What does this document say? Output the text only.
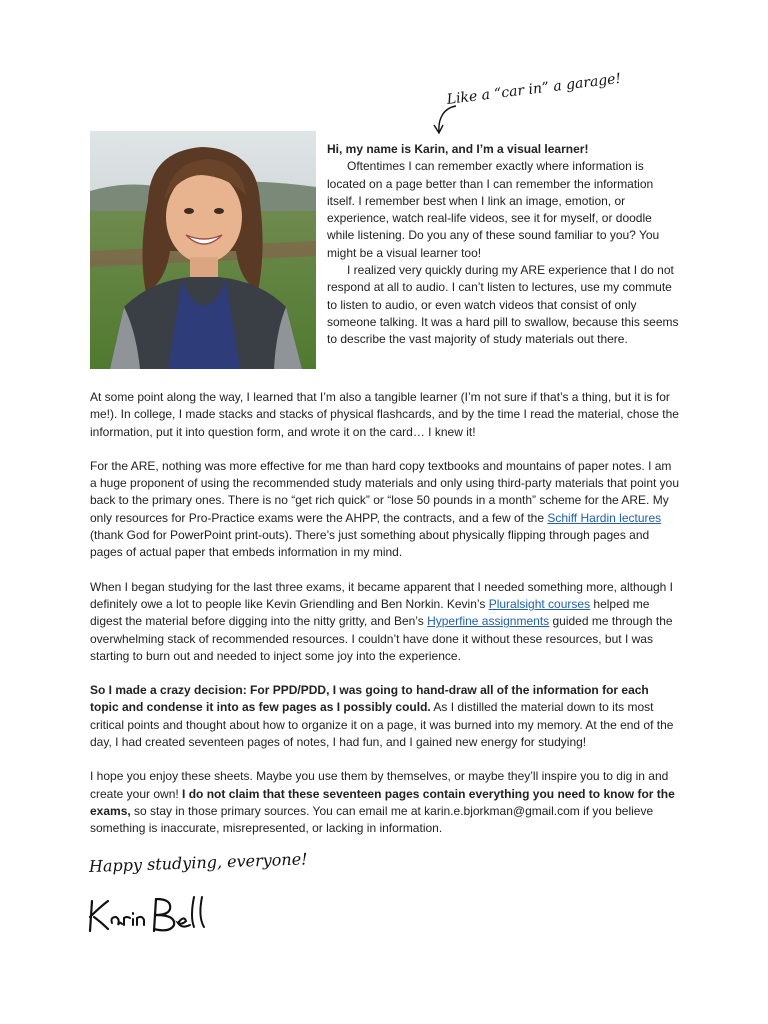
Like a “car in” a garage!

Hi, my name is Karin, and I’m a visual learner!

Oftentimes I can remember exactly where information is located on a page better than I can remember the information itself. I remember best when I link an image, emotion, or experience, watch real-life videos, see it for myself, or doodle while listening. Do you any of these sound familiar to you? You might be a visual learner too!

I realized very quickly during my ARE experience that I do not respond at all to audio. I can’t listen to lectures, use my commute to listen to audio, or even watch videos that consist of only someone talking. It was a hard pill to swallow, because this seems to describe the vast majority of study materials out there.

At some point along the way, I learned that I’m also a tangible learner (I’m not sure if that’s a thing, but it is for me!). In college, I made stacks and stacks of physical flashcards, and by the time I read the material, chose the information, put it into question form, and wrote it on the card… I knew it!

For the ARE, nothing was more effective for me than hard copy textbooks and mountains of paper notes. I am a huge proponent of using the recommended study materials and only using third-party materials that point you back to the primary ones. There is no “get rich quick” or “lose 50 pounds in a month” scheme for the ARE. My only resources for Pro-Practice exams were the AHPP, the contracts, and a few of the Schiff Hardin lectures (thank God for PowerPoint print-outs). There’s just something about physically flipping through pages and pages of actual paper that embeds information in my mind.

When I began studying for the last three exams, it became apparent that I needed something more, although I definitely owe a lot to people like Kevin Griendling and Ben Norkin. Kevin’s Pluralsight courses helped me digest the material before digging into the nitty gritty, and Ben’s Hyperfine assignments guided me through the overwhelming stack of recommended resources. I couldn’t have done it without these resources, but I was starting to burn out and needed to inject some joy into the experience.

So I made a crazy decision: For PPD/PDD, I was going to hand-draw all of the information for each topic and condense it into as few pages as I possibly could. As I distilled the material down to its most critical points and thought about how to organize it on a page, it was burned into my memory. At the end of the day, I had created seventeen pages of notes, I had fun, and I gained new energy for studying!

I hope you enjoy these sheets. Maybe you use them by themselves, or maybe they’ll inspire you to dig in and create your own! I do not claim that these seventeen pages contain everything you need to know for the exams, so stay in those primary sources. You can email me at karin.e.bjorkman@gmail.com if you believe something is inaccurate, misrepresented, or lacking in information.

Happy studying, everyone!
